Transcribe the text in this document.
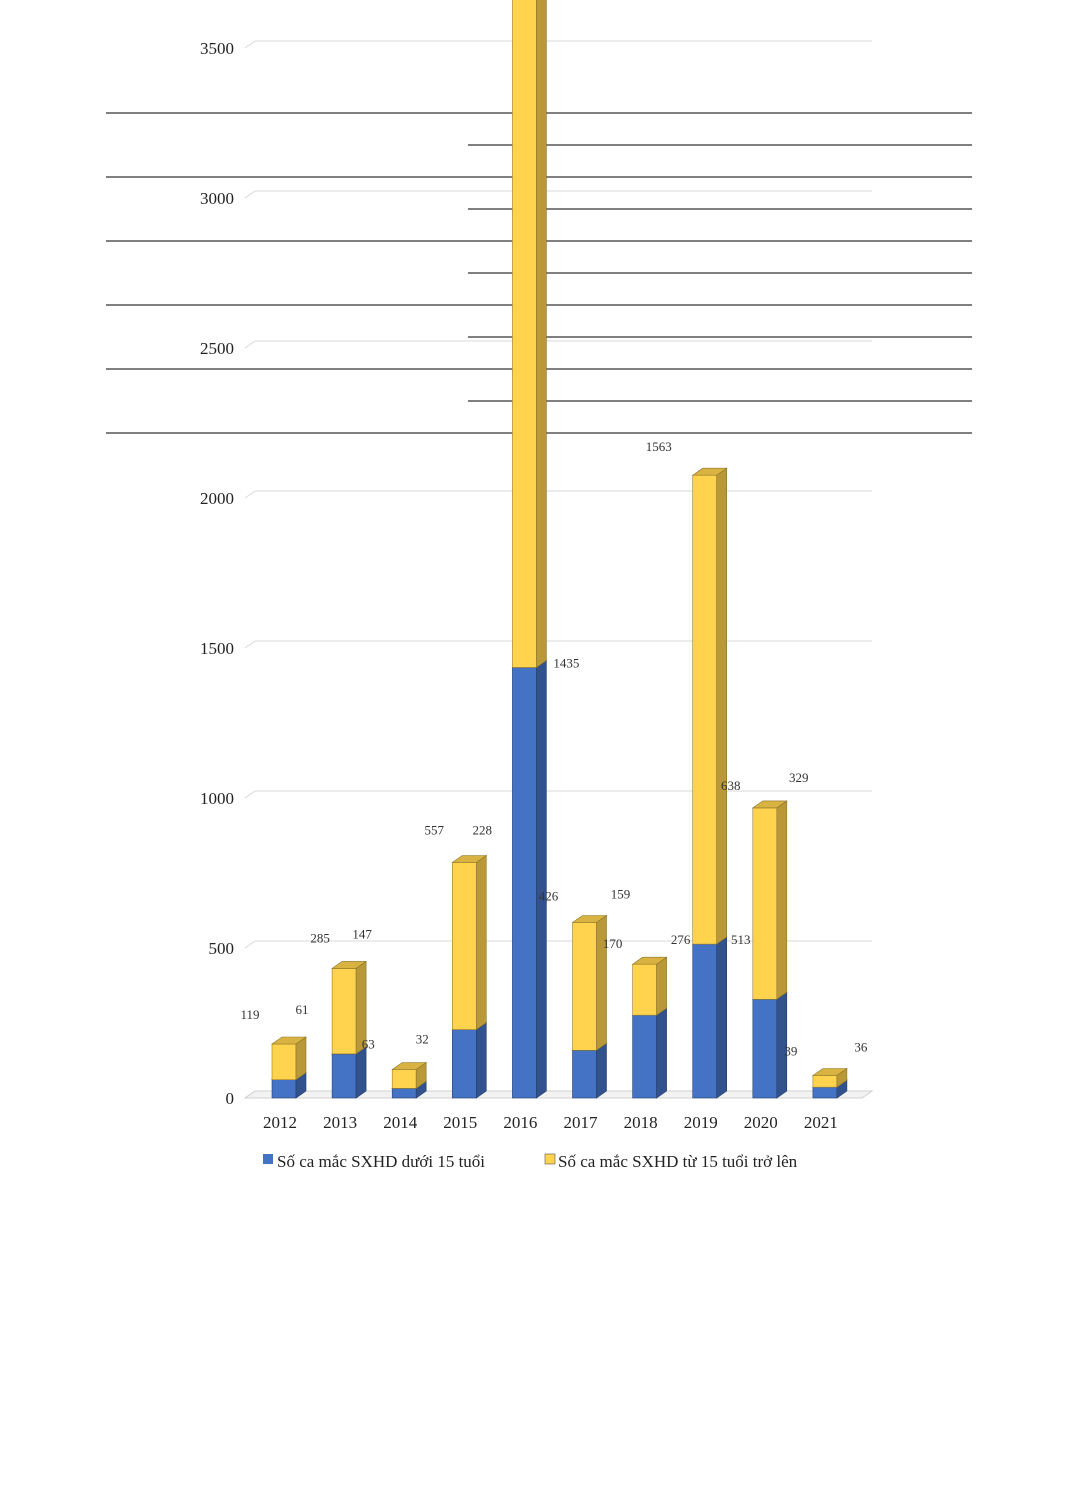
0
500
1000
1500
2000
2500
3000
3500
119	61
285 147
63	32
557 228
1435
426	159
170	276
1563
513
638
329
39	36
2012 2013 2014 2015 2016 2017 2018 2019 2020 2021
Số ca mắc SXHD dưới 15 tuổi	Số ca mắc SXHD từ 15 tuổi trở lên
